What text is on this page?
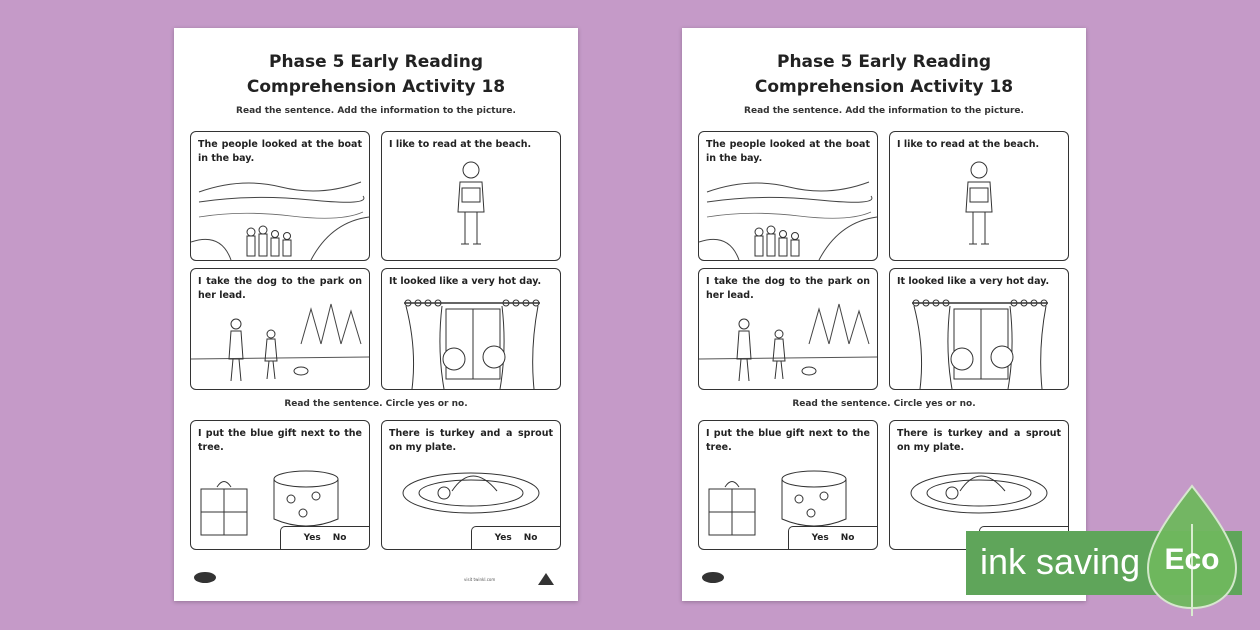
Phase 5 Early Reading
Comprehension Activity 18
Read the sentence. Add the information to the picture.
The people looked at the boat in the bay.
I like to read at the beach.
I take the dog to the park on her lead.
It looked like a very hot day.
Read the sentence. Circle yes or no.
I put the blue gift next to the tree.
Yes No
There is turkey and a sprout on my plate.
Yes No
visit twinkl.com
Phase 5 Early Reading
Comprehension Activity 18
Read the sentence. Add the information to the picture.
The people looked at the boat in the bay.
I like to read at the beach.
I take the dog to the park on her lead.
It looked like a very hot day.
Read the sentence. Circle yes or no.
I put the blue gift next to the tree.
Yes No
There is turkey and a sprout on my plate.
ink saving Eco
